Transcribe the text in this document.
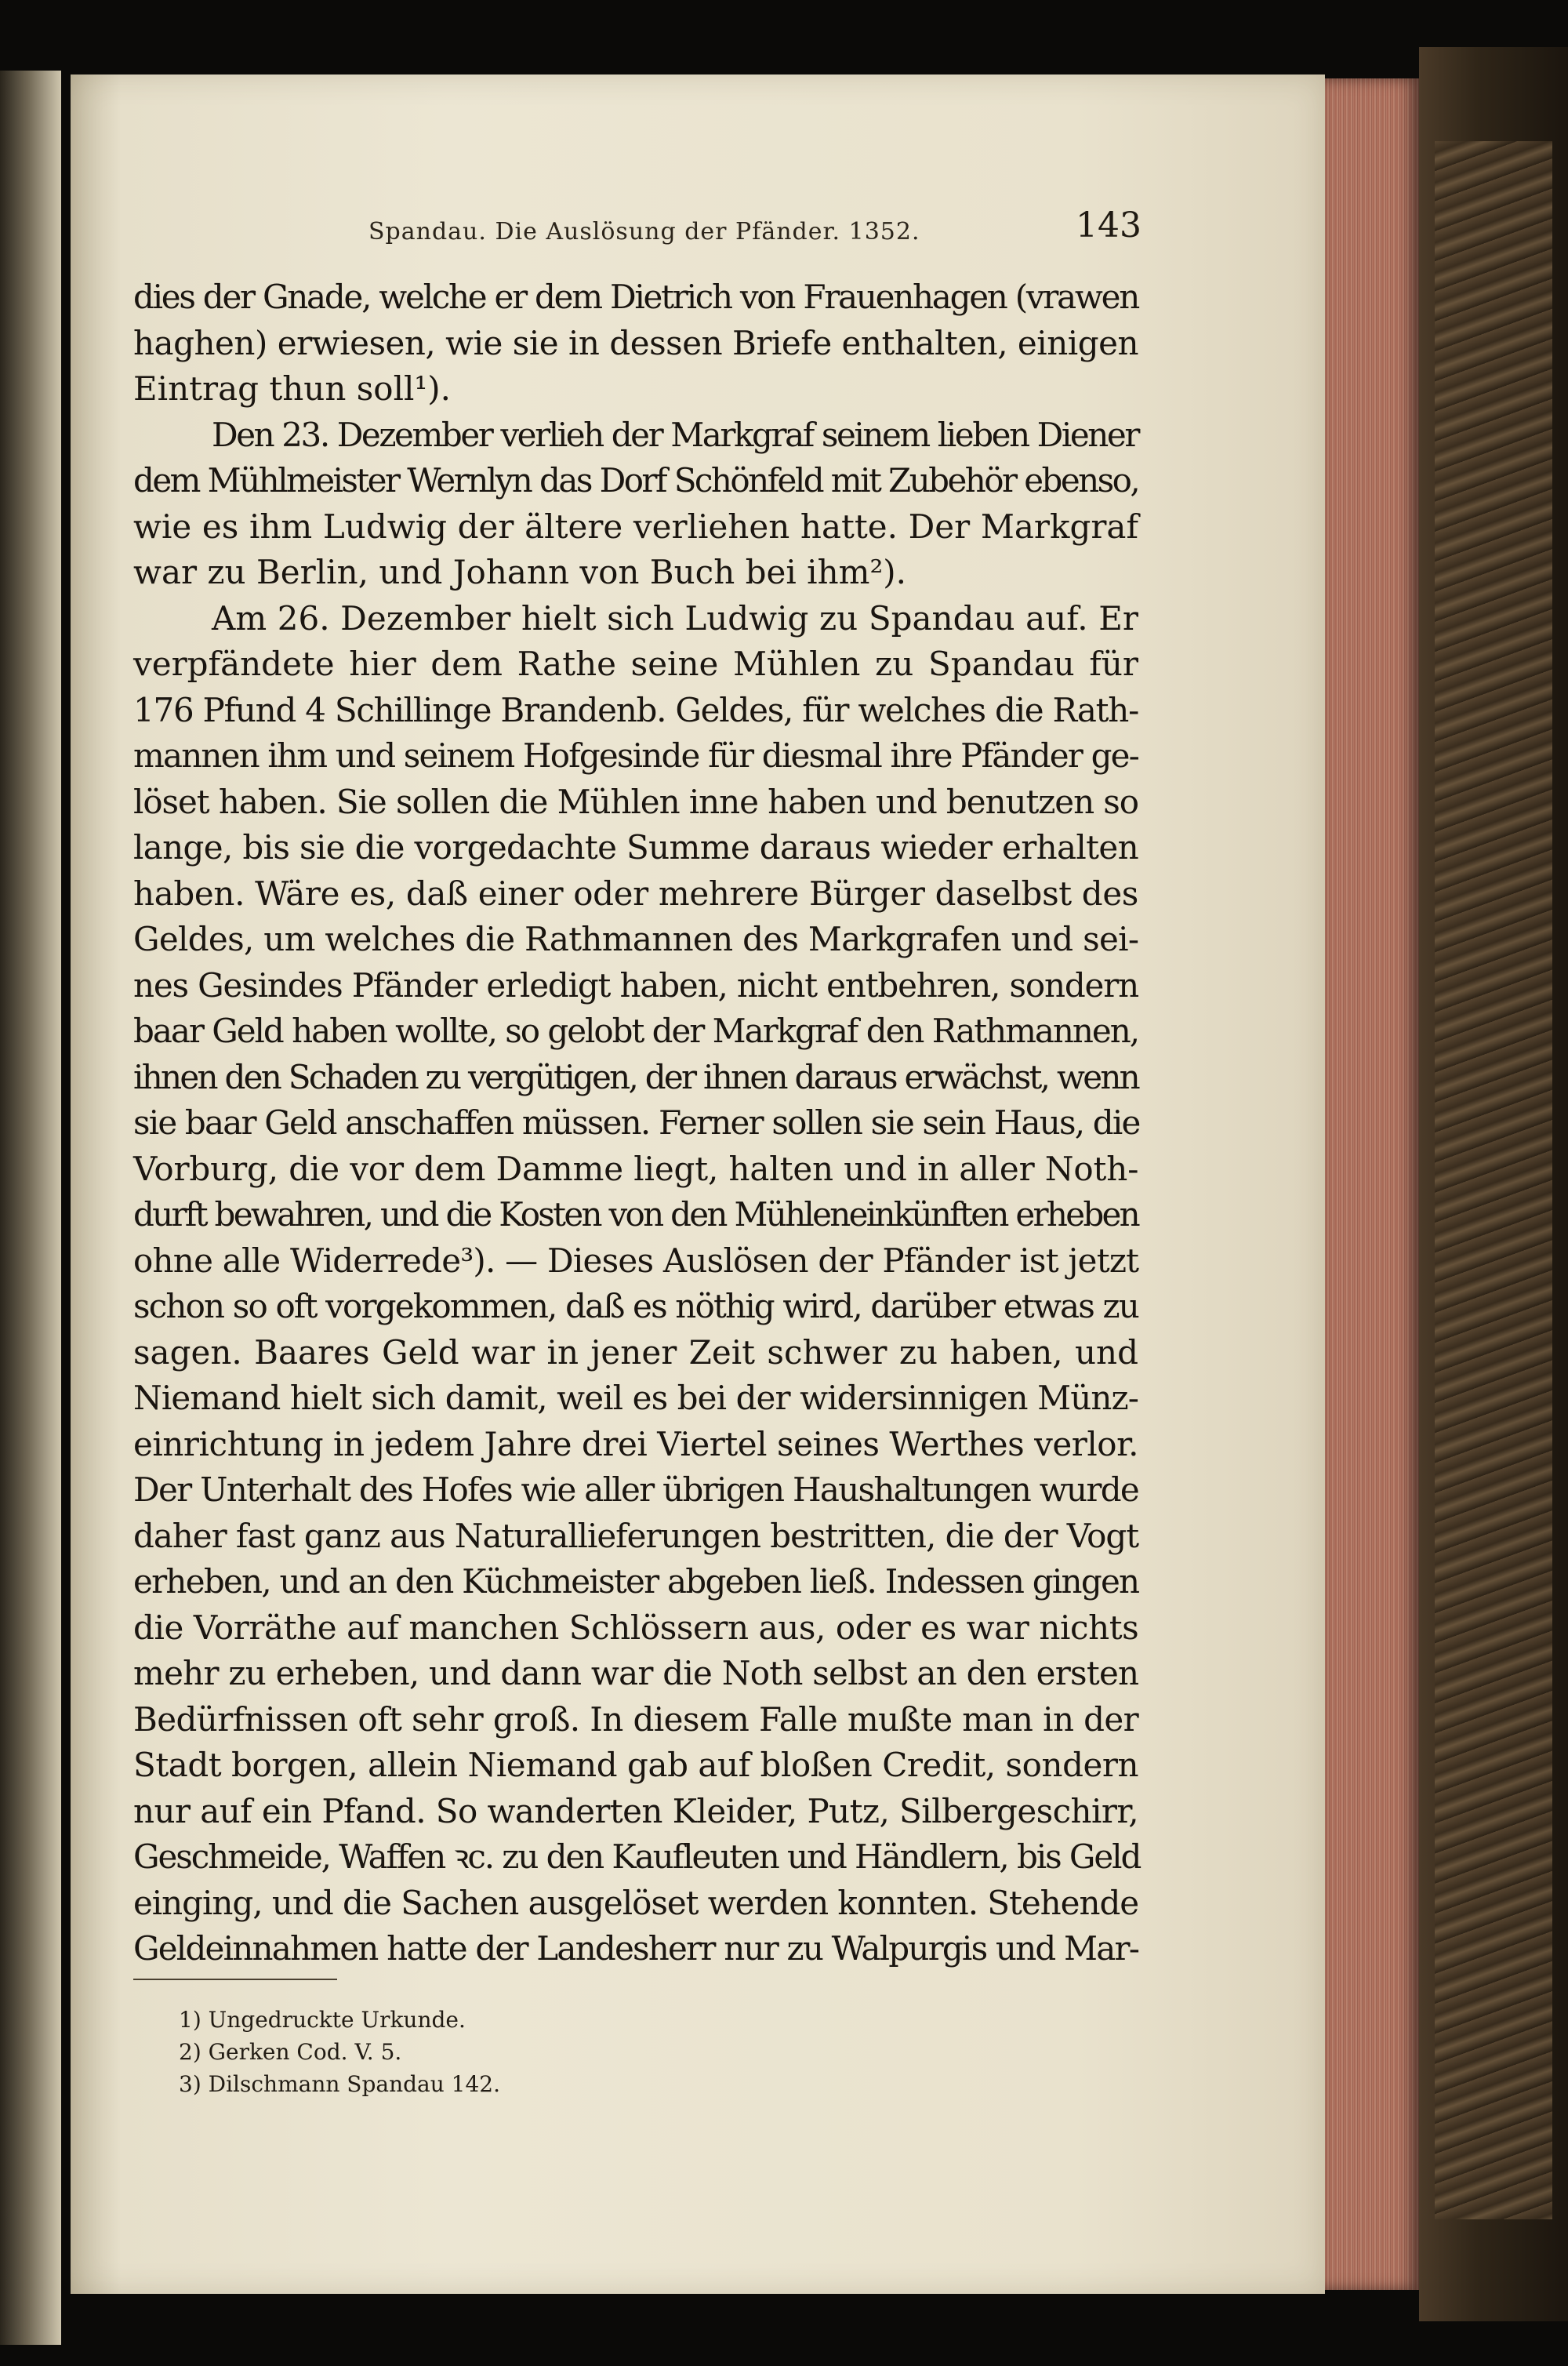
Spandau. Die Auslösung der Pfänder. 1352.	143
dies der Gnade, welche er dem Dietrich von Frauenhagen (vrawen
haghen) erwiesen, wie sie in dessen Briefe enthalten, einigen
Eintrag thun soll¹).
Den 23. Dezember verlieh der Markgraf seinem lieben Diener
dem Mühlmeister Wernlyn das Dorf Schönfeld mit Zubehör ebenso,
wie es ihm Ludwig der ältere verliehen hatte. Der Markgraf
war zu Berlin, und Johann von Buch bei ihm²).
Am 26. Dezember hielt sich Ludwig zu Spandau auf. Er
verpfändete hier dem Rathe seine Mühlen zu Spandau für
176 Pfund 4 Schillinge Brandenb. Geldes, für welches die Rath-
mannen ihm und seinem Hofgesinde für diesmal ihre Pfänder ge-
löset haben. Sie sollen die Mühlen inne haben und benutzen so
lange, bis sie die vorgedachte Summe daraus wieder erhalten
haben. Wäre es, daß einer oder mehrere Bürger daselbst des
Geldes, um welches die Rathmannen des Markgrafen und sei-
nes Gesindes Pfänder erledigt haben, nicht entbehren, sondern
baar Geld haben wollte, so gelobt der Markgraf den Rathmannen,
ihnen den Schaden zu vergütigen, der ihnen daraus erwächst, wenn
sie baar Geld anschaffen müssen. Ferner sollen sie sein Haus, die
Vorburg, die vor dem Damme liegt, halten und in aller Noth-
durft bewahren, und die Kosten von den Mühleneinkünften erheben
ohne alle Widerrede³). — Dieses Auslösen der Pfänder ist jetzt
schon so oft vorgekommen, daß es nöthig wird, darüber etwas zu
sagen. Baares Geld war in jener Zeit schwer zu haben, und
Niemand hielt sich damit, weil es bei der widersinnigen Münz-
einrichtung in jedem Jahre drei Viertel seines Werthes verlor.
Der Unterhalt des Hofes wie aller übrigen Haushaltungen wurde
daher fast ganz aus Naturallieferungen bestritten, die der Vogt
erheben, und an den Küchmeister abgeben ließ. Indessen gingen
die Vorräthe auf manchen Schlössern aus, oder es war nichts
mehr zu erheben, und dann war die Noth selbst an den ersten
Bedürfnissen oft sehr groß. In diesem Falle mußte man in der
Stadt borgen, allein Niemand gab auf bloßen Credit, sondern
nur auf ein Pfand. So wanderten Kleider, Putz, Silbergeschirr,
Geschmeide, Waffen ꝛc. zu den Kaufleuten und Händlern, bis Geld
einging, und die Sachen ausgelöset werden konnten. Stehende
Geldeinnahmen hatte der Landesherr nur zu Walpurgis und Mar-
1) Ungedruckte Urkunde.
2) Gerken Cod. V. 5.
3) Dilschmann Spandau 142.
